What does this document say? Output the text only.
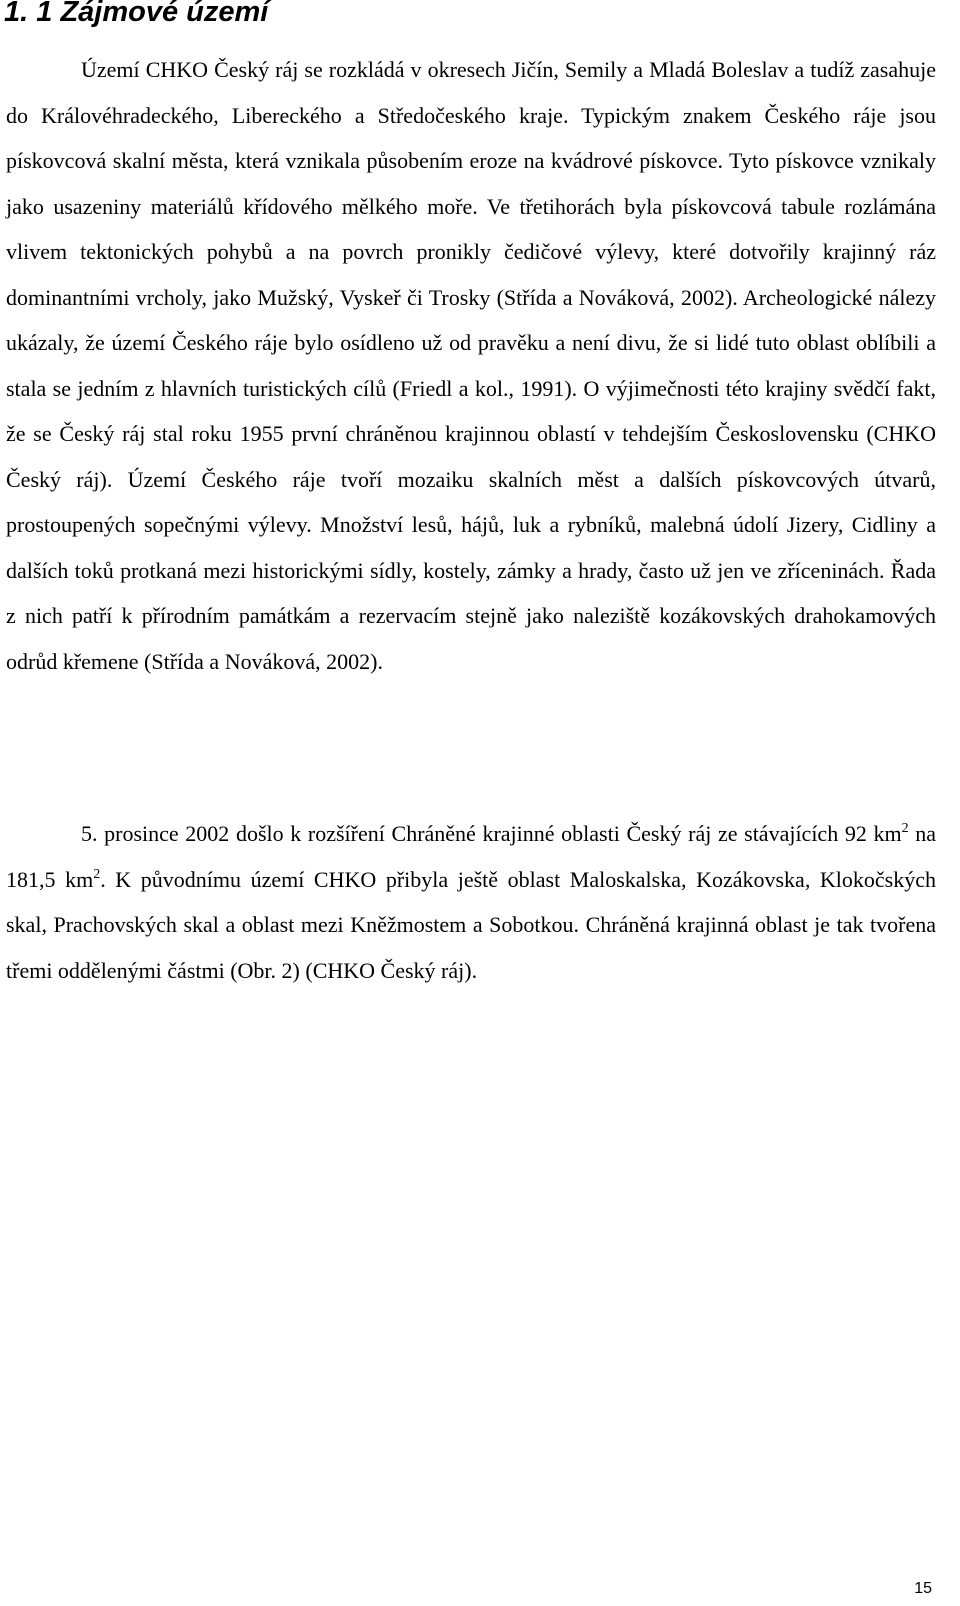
1. 1 Zájmové území

Území CHKO Český ráj se rozkládá v okresech Jičín, Semily a Mladá Boleslav a tudíž zasahuje do Královéhradeckého, Libereckého a Středočeského kraje. Typickým znakem Českého ráje jsou pískovcová skalní města, která vznikala působením eroze na kvádrové pískovce. Tyto pískovce vznikaly jako usazeniny materiálů křídového mělkého moře. Ve třetihorách byla pískovcová tabule rozlámána vlivem tektonických pohybů a na povrch pronikly čedičové výlevy, které dotvořily krajinný ráz dominantními vrcholy, jako Mužský, Vyskeř či Trosky (Střída a Nováková, 2002). Archeologické nálezy ukázaly, že území Českého ráje bylo osídleno už od pravěku a není divu, že si lidé tuto oblast oblíbili a stala se jedním z hlavních turistických cílů (Friedl a kol., 1991). O výjimečnosti této krajiny svědčí fakt, že se Český ráj stal roku 1955 první chráněnou krajinnou oblastí v tehdejším Československu (CHKO Český ráj). Území Českého ráje tvoří mozaiku skalních měst a dalších pískovcových útvarů, prostoupených sopečnými výlevy. Množství lesů, hájů, luk a rybníků, malebná údolí Jizery, Cidliny a dalších toků protkaná mezi historickými sídly, kostely, zámky a hrady, často už jen ve zříceninách. Řada z nich patří k přírodním památkám a rezervacím stejně jako naleziště kozákovských drahokamových odrůd křemene (Střída a Nováková, 2002).

5. prosince 2002 došlo k rozšíření Chráněné krajinné oblasti Český ráj ze stávajících 92 $km^2$ na 181,5 $km^2$. K původnímu území CHKO přibyla ještě oblast Maloskalska, Kozákovska, Klokočských skal, Prachovských skal a oblast mezi Kněžmostem a Sobotkou. Chráněná krajinná oblast je tak tvořena třemi oddělenými částmi (Obr. 2) (CHKO Český ráj).

15
